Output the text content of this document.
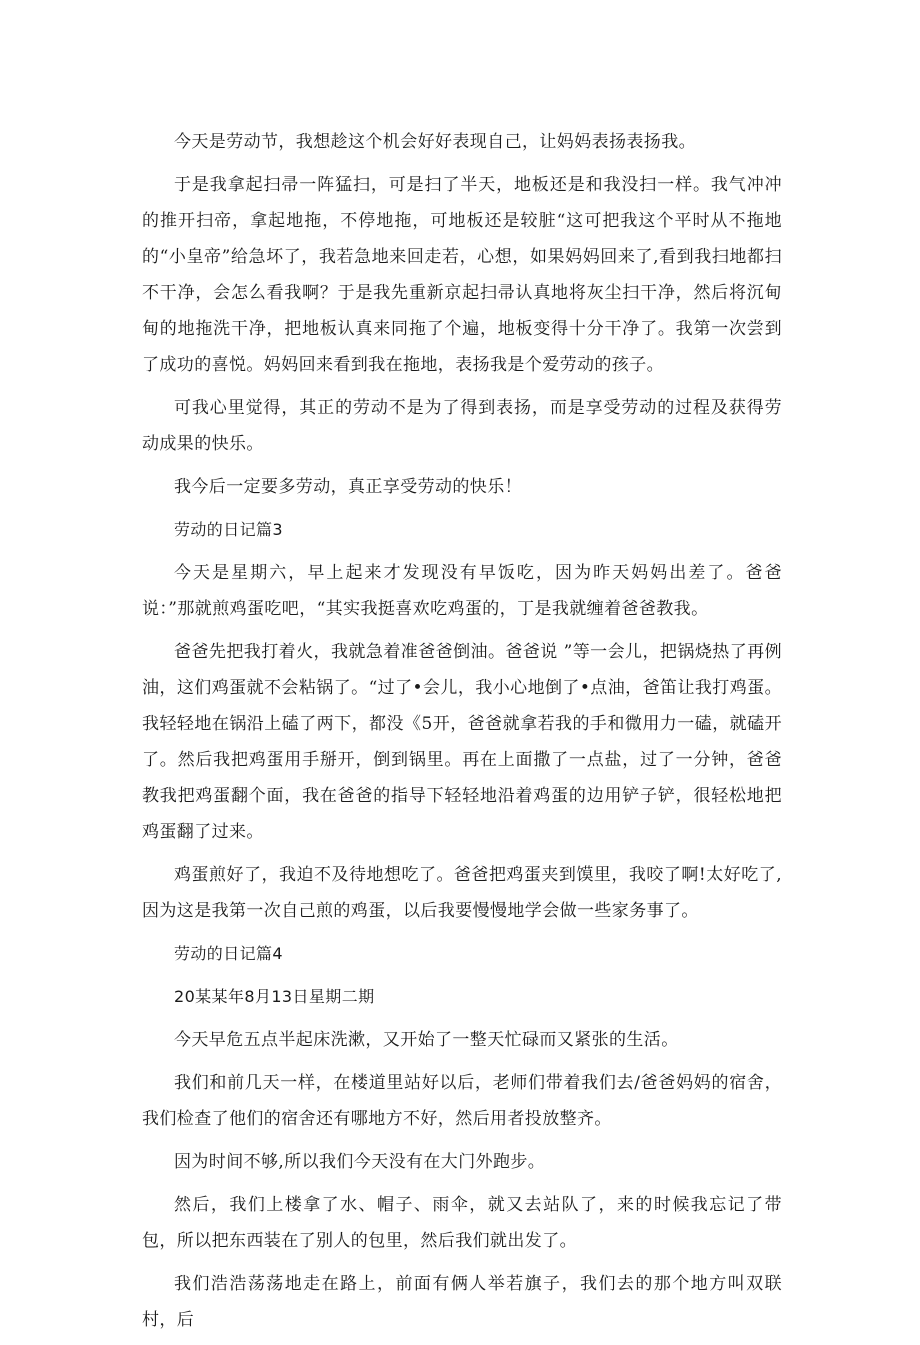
今天是劳动节，我想趁这个机会好好表现自己，让妈妈表扬表扬我。

于是我拿起扫帚一阵猛扫，可是扫了半天，地板还是和我没扫一样。我气冲冲的推开扫帝，拿起地拖，不停地拖，可地板还是较脏“这可把我这个平时从不拖地的“小皇帝”给急坏了，我若急地来回走若，心想，如果妈妈回来了,看到我扫地都扫不干净，会怎么看我啊？于是我先重新京起扫帚认真地将灰尘扫干净，然后将沉甸甸的地拖洗干净，把地板认真来同拖了个遍，地板变得十分干净了。我第一次尝到了成功的喜悦。妈妈回来看到我在拖地，表扬我是个爱劳动的孩子。

可我心里觉得，其正的劳动不是为了得到表扬，而是享受劳动的过程及获得劳动成果的快乐。

我今后一定要多劳动，真正享受劳动的快乐！

劳动的日记篇3

今天是星期六，早上起来才发现没有早饭吃，因为昨天妈妈出差了。爸爸说：”那就煎鸡蛋吃吧，“其实我挺喜欢吃鸡蛋的，丁是我就缠着爸爸教我。

爸爸先把我打着火，我就急着准爸爸倒油。爸爸说 ”等一会儿，把锅烧热了再例油，这们鸡蛋就不会粘锅了。“过了•会儿，我小心地倒了•点油，爸笛让我打鸡蛋。我轻轻地在锅沿上磕了两下，都没《5开，爸爸就拿若我的手和微用力一磕，就磕开了。然后我把鸡蛋用手掰开，倒到锅里。再在上面撒了一点盐，过了一分钟，爸爸教我把鸡蛋翻个面，我在爸爸的指导下轻轻地沿着鸡蛋的边用铲子铲，很轻松地把鸡蛋翻了过来。

鸡蛋煎好了，我迫不及待地想吃了。爸爸把鸡蛋夹到馍里，我咬了啊!太好吃了,因为这是我第一次自己煎的鸡蛋，以后我要慢慢地学会做一些家务事了。

劳动的日记篇4

20某某年8月13日星期二期

今天早危五点半起床洗漱，又开始了一整天忙碌而又紧张的生活。

我们和前几天一样，在楼道里站好以后，老师们带着我们去/爸爸妈妈的宿舍，我们检查了他们的宿舍还有哪地方不好，然后用者投放整齐。

因为时间不够,所以我们今天没有在大门外跑步。

然后，我们上楼拿了水、帽子、雨伞，就又去站队了，来的时候我忘记了带包，所以把东西装在了别人的包里，然后我们就出发了。

我们浩浩荡荡地走在路上，前面有俩人举若旗子，我们去的那个地方叫双联村，后
